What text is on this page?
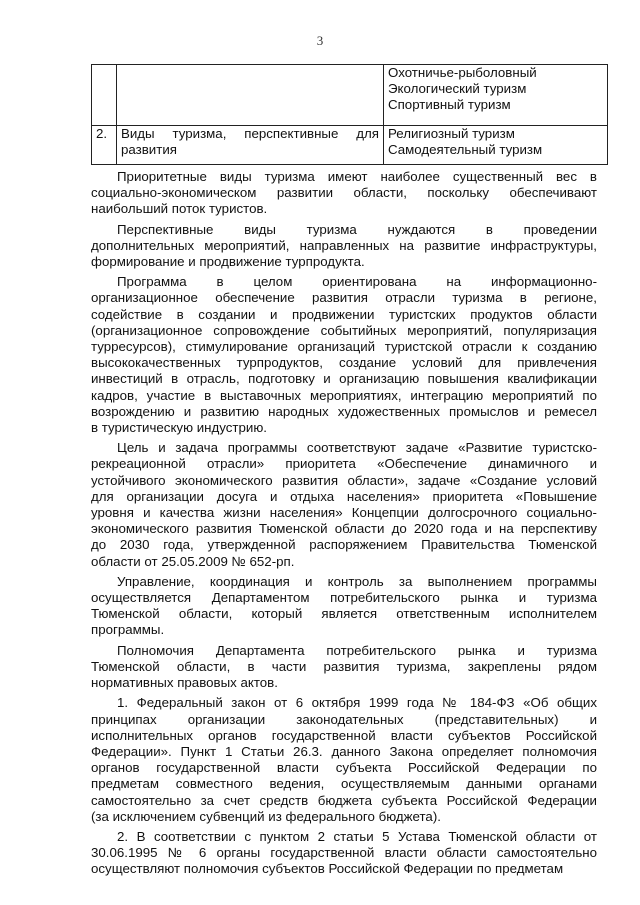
3

		Охотничье-рыболовный
Экологический туризм
Спортивный туризм

2.	Виды туризма, перспективные для
развития	Религиозный туризм
Самодеятельный туризм

Приоритетные виды туризма имеют наиболее существенный вес в
социально-экономическом развитии области, поскольку обеспечивают
наибольший поток туристов.

Перспективные виды туризма нуждаются в проведении
дополнительных мероприятий, направленных на развитие инфраструктуры,
формирование и продвижение турпродукта.

Программа в целом ориентирована на информационно-
организационное обеспечение развития отрасли туризма в регионе,
содействие в создании и продвижении туристских продуктов области
(организационное сопровождение событийных мероприятий, популяризация
турресурсов), стимулирование организаций туристской отрасли к созданию
высококачественных турпродуктов, создание условий для привлечения
инвестиций в отрасль, подготовку и организацию повышения квалификации
кадров, участие в выставочных мероприятиях, интеграцию мероприятий по
возрождению и развитию народных художественных промыслов и ремесел
в туристическую индустрию.

Цель и задача программы соответствуют задаче «Развитие туристско-
рекреационной отрасли» приоритета «Обеспечение динамичного и
устойчивого экономического развития области», задаче «Создание условий
для организации досуга и отдыха населения» приоритета «Повышение
уровня и качества жизни населения» Концепции долгосрочного социально-
экономического развития Тюменской области до 2020 года и на перспективу
до 2030 года, утвержденной распоряжением Правительства Тюменской
области от 25.05.2009 № 652-рп.

Управление, координация и контроль за выполнением программы
осуществляется Департаментом потребительского рынка и туризма
Тюменской области, который является ответственным исполнителем
программы.

Полномочия Департамента потребительского рынка и туризма
Тюменской области, в части развития туризма, закреплены рядом
нормативных правовых актов.

1. Федеральный закон от 6 октября 1999 года № 184-ФЗ «Об общих
принципах организации законодательных (представительных) и
исполнительных органов государственной власти субъектов Российской
Федерации». Пункт 1 Статьи 26.3. данного Закона определяет полномочия
органов государственной власти субъекта Российской Федерации по
предметам совместного ведения, осуществляемым данными органами
самостоятельно за счет средств бюджета субъекта Российской Федерации
(за исключением субвенций из федерального бюджета).

2. В соответствии с пунктом 2 статьи 5 Устава Тюменской области от
30.06.1995 № 6 органы государственной власти области самостоятельно
осуществляют полномочия субъектов Российской Федерации по предметам
